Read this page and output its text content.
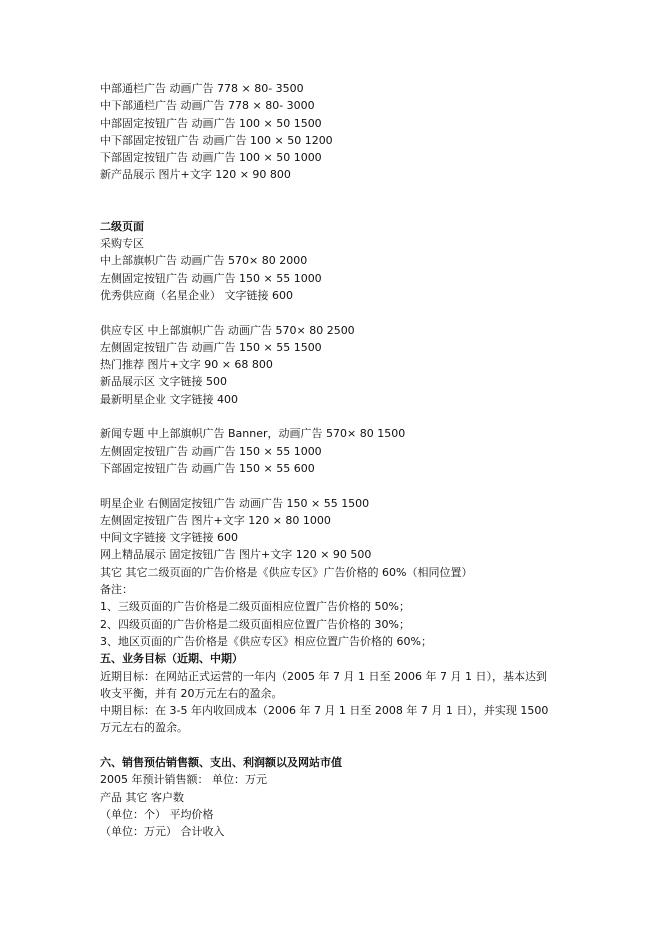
中部通栏广告 动画广告 778 × 80- 3500
中下部通栏广告 动画广告 778 × 80- 3000
中部固定按钮广告 动画广告 100 × 50 1500
中下部固定按钮广告 动画广告 100 × 50 1200
下部固定按钮广告 动画广告 100 × 50 1000
新产品展示 图片+文字 120 × 90 800
二级页面
采购专区
中上部旗帜广告 动画广告 570× 80 2000
左侧固定按钮广告 动画广告 150 × 55 1000
优秀供应商（名星企业） 文字链接 600
供应专区 中上部旗帜广告 动画广告 570× 80 2500
左侧固定按钮广告 动画广告 150 × 55 1500
热门推荐 图片+文字 90 × 68 800
新品展示区 文字链接 500
最新明星企业 文字链接 400
新闻专题 中上部旗帜广告 Banner，动画广告 570× 80 1500
左侧固定按钮广告 动画广告 150 × 55 1000
下部固定按钮广告 动画广告 150 × 55 600
明星企业 右侧固定按钮广告 动画广告 150 × 55 1500
左侧固定按钮广告 图片+文字 120 × 80 1000
中间文字链接 文字链接 600
网上精品展示 固定按钮广告 图片+文字 120 × 90 500
其它 其它二级页面的广告价格是《供应专区》广告价格的 60%（相同位置）
备注：
1、三级页面的广告价格是二级页面相应位置广告价格的 50%；
2、四级页面的广告价格是二级页面相应位置广告价格的 30%；
3、地区页面的广告价格是《供应专区》相应位置广告价格的 60%；
五、业务目标（近期、中期）
近期目标：在网站正式运营的一年内（2005 年 7 月 1 日至 2006 年 7 月 1 日），基本达到
收支平衡，并有 20万元左右的盈余。
中期目标：在 3-5 年内收回成本（2006 年 7 月 1 日至 2008 年 7 月 1 日），并实现 1500
万元左右的盈余。
六、销售预估销售额、支出、利润额以及网站市值
2005 年预计销售额： 单位：万元
产品 其它 客户数
（单位：个） 平均价格
（单位：万元） 合计收入
